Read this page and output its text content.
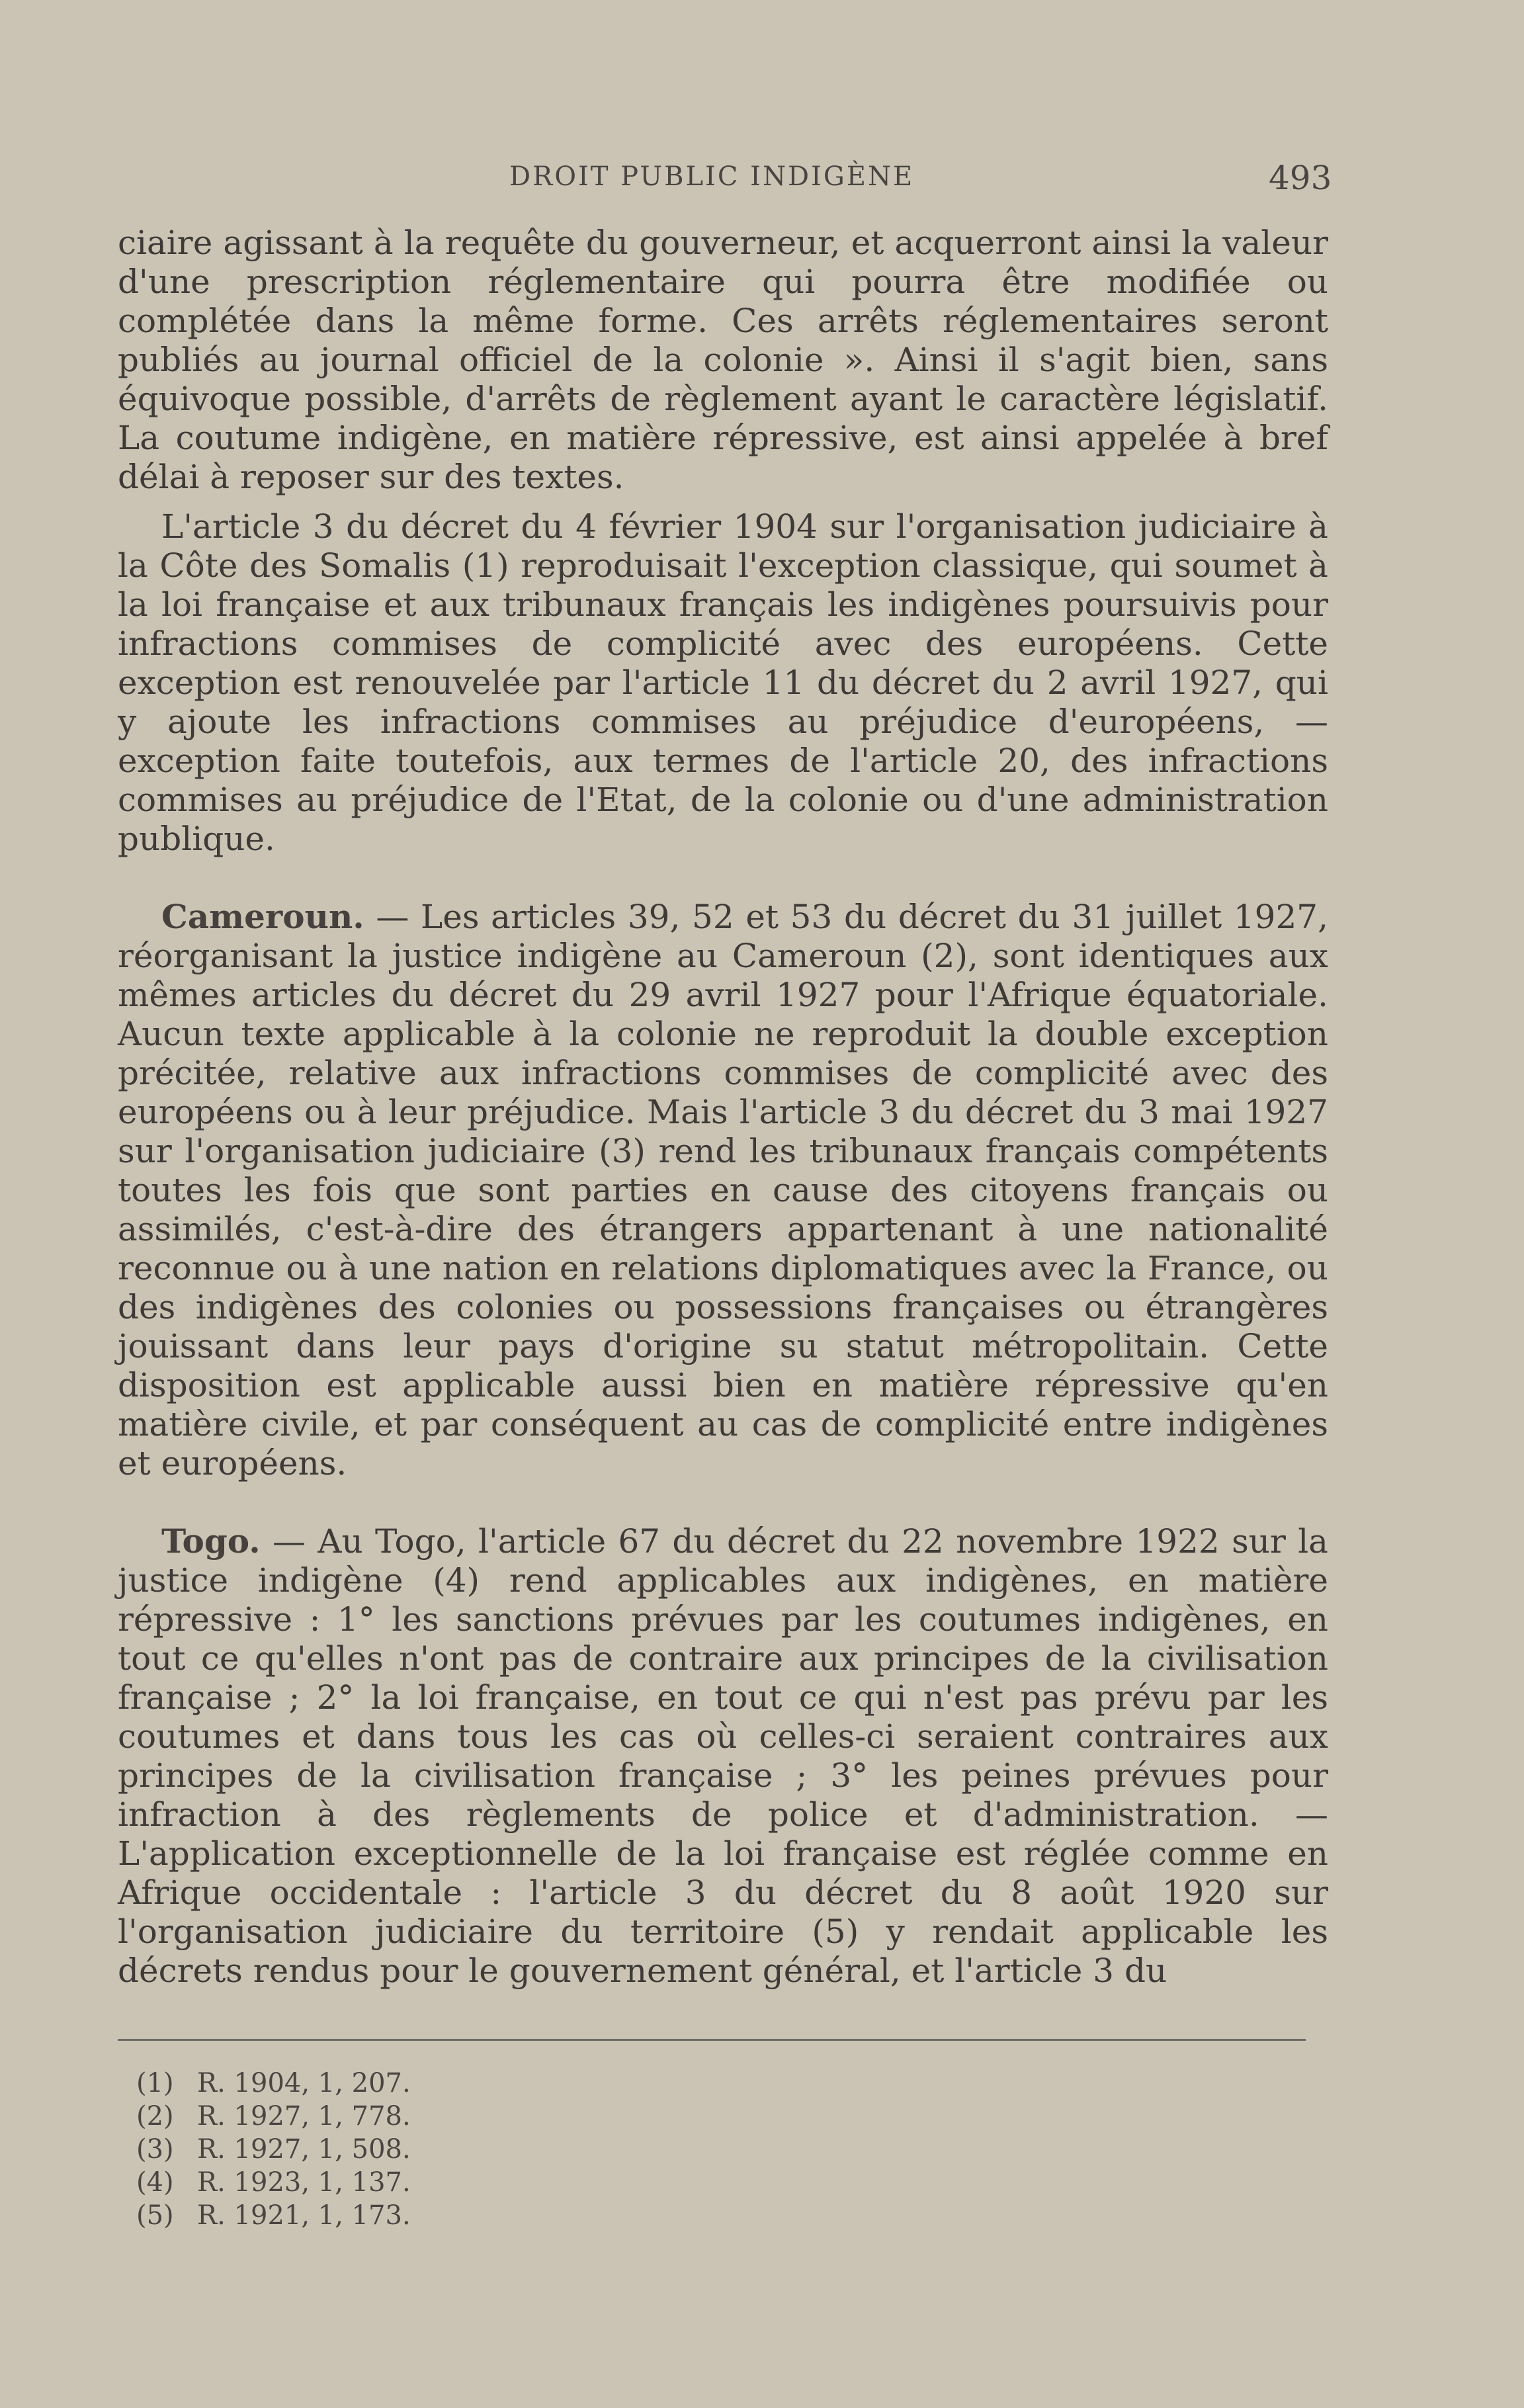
DROIT PUBLIC INDIGÈNE	493

ciaire agissant à la requête du gouverneur, et acquerront ainsi la valeur d'une prescription réglementaire qui pourra être modifiée ou complétée dans la même forme. Ces arrêts réglementaires seront publiés au journal officiel de la colonie ». Ainsi il s'agit bien, sans équivoque possible, d'arrêts de règlement ayant le caractère législatif. La coutume indigène, en matière répressive, est ainsi appelée à bref délai à reposer sur des textes.

L'article 3 du décret du 4 février 1904 sur l'organisation judiciaire à la Côte des Somalis (1) reproduisait l'exception classique, qui soumet à la loi française et aux tribunaux français les indigènes poursuivis pour infractions commises de complicité avec des européens. Cette exception est renouvelée par l'article 11 du décret du 2 avril 1927, qui y ajoute les infractions commises au préjudice d'européens, — exception faite toutefois, aux termes de l'article 20, des infractions commises au préjudice de l'Etat, de la colonie ou d'une administration publique.

Cameroun. — Les articles 39, 52 et 53 du décret du 31 juillet 1927, réorganisant la justice indigène au Cameroun (2), sont identiques aux mêmes articles du décret du 29 avril 1927 pour l'Afrique équatoriale. Aucun texte applicable à la colonie ne reproduit la double exception précitée, relative aux infractions commises de complicité avec des européens ou à leur préjudice. Mais l'article 3 du décret du 3 mai 1927 sur l'organisation judiciaire (3) rend les tribunaux français compétents toutes les fois que sont parties en cause des citoyens français ou assimilés, c'est-à-dire des étrangers appartenant à une nationalité reconnue ou à une nation en relations diplomatiques avec la France, ou des indigènes des colonies ou possessions françaises ou étrangères jouissant dans leur pays d'origine su statut métropolitain. Cette disposition est applicable aussi bien en matière répressive qu'en matière civile, et par conséquent au cas de complicité entre indigènes et européens.

Togo. — Au Togo, l'article 67 du décret du 22 novembre 1922 sur la justice indigène (4) rend applicables aux indigènes, en matière répressive : 1° les sanctions prévues par les coutumes indigènes, en tout ce qu'elles n'ont pas de contraire aux principes de la civilisation française ; 2° la loi française, en tout ce qui n'est pas prévu par les coutumes et dans tous les cas où celles-ci seraient contraires aux principes de la civilisation française ; 3° les peines prévues pour infraction à des règlements de police et d'administration. — L'application exceptionnelle de la loi française est réglée comme en Afrique occidentale : l'article 3 du décret du 8 août 1920 sur l'organisation judiciaire du territoire (5) y rendait applicable les décrets rendus pour le gouvernement général, et l'article 3 du

(1) R. 1904, 1, 207.
(2) R. 1927, 1, 778.
(3) R. 1927, 1, 508.
(4) R. 1923, 1, 137.
(5) R. 1921, 1, 173.
